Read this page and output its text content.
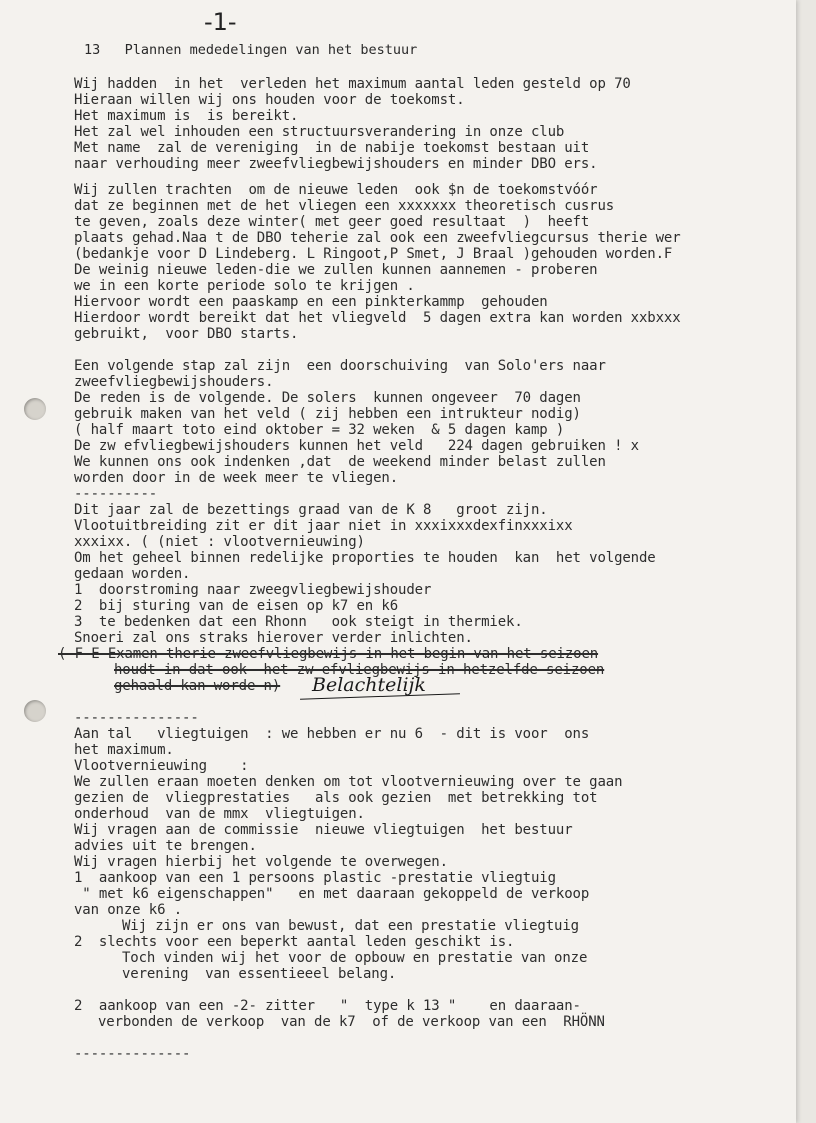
-1-
13   Plannen mededelingen van het bestuur
Wij hadden  in het  verleden het maximum aantal leden gesteld op 70
Hieraan willen wij ons houden voor de toekomst.
Het maximum is  is bereikt.
Het zal wel inhouden een structuursverandering in onze club
Met name  zal de vereniging  in de nabije toekomst bestaan uit
naar verhouding meer zweefvliegbewijshouders en minder DBO ers.
Wij zullen trachten  om de nieuwe leden  ook $n de toekomstvóór
dat ze beginnen met de het vliegen een xxxxxxx theoretisch cusrus
te geven, zoals deze winter( met geer goed resultaat  )  heeft
plaats gehad.Naa t de DBO teherie zal ook een zweefvliegcursus therie wer
(bedankje voor D Lindeberg. L Ringoot,P Smet, J Braal )gehouden worden.F
De weinig nieuwe leden-die we zullen kunnen aannemen - proberen
we in een korte periode solo te krijgen .
Hiervoor wordt een paaskamp en een pinkterkammp  gehouden
Hierdoor wordt bereikt dat het vliegveld  5 dagen extra kan worden xxbxxx
gebruikt,  voor DBO starts.
Een volgende stap zal zijn  een doorschuiving  van Solo'ers naar
zweefvliegbewijshouders.
De reden is de volgende. De solers  kunnen ongeveer  70 dagen
gebruik maken van het veld ( zij hebben een intrukteur nodig)
( half maart toto eind oktober = 32 weken  & 5 dagen kamp )
De zw efvliegbewijshouders kunnen het veld   224 dagen gebruiken ! x
We kunnen ons ook indenken ,dat  de weekend minder belast zullen
worden door in de week meer te vliegen.
----------
Dit jaar zal de bezettings graad van de K 8   groot zijn.
Vlootuitbreiding zit er dit jaar niet in xxxixxxdexfinxxxixx
xxxixx. ( (niet : vlootvernieuwing)
Om het geheel binnen redelijke proporties te houden  kan  het volgende
gedaan worden.
1  doorstroming naar zweegvliegbewijshouder
2  bij sturing van de eisen op k7 en k6
3  te bedenken dat een Rhonn   ook steigt in thermiek.
Snoeri zal ons straks hierover verder inlichten.
( F E Examen therie zweefvliegbewijs in het begin van het seizoen
houdt in dat ook  het zw efvliegbewijs in hetzelfde seizoen
gehaald kan worde n)
---------------
Aan tal   vliegtuigen  : we hebben er nu 6  - dit is voor  ons
het maximum.
Vlootvernieuwing    :
We zullen eraan moeten denken om tot vlootvernieuwing over te gaan
gezien de  vliegprestaties   als ook gezien  met betrekking tot
onderhoud  van de mmx  vliegtuigen.
Wij vragen aan de commissie  nieuwe vliegtuigen  het bestuur
advies uit te brengen.
Wij vragen hierbij het volgende te overwegen.
1  aankoop van een 1 persoons plastic -prestatie vliegtuig
" met k6 eigenschappen"   en met daaraan gekoppeld de verkoop
van onze k6 .
Wij zijn er ons van bewust, dat een prestatie vliegtuig
2  slechts voor een beperkt aantal leden geschikt is.
Toch vinden wij het voor de opbouw en prestatie van onze
verening  van essentieeel belang.
2  aankoop van een -2- zitter   "  type k 13 "    en daaraan-
verbonden de verkoop  van de k7  of de verkoop van een  RHÖNN
--------------
Belachtelijk
